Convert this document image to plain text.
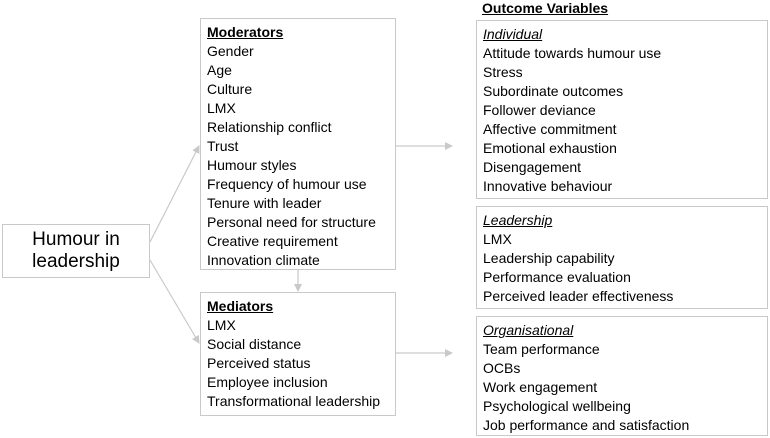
Humour in leadership
Moderators
Gender
Age
Culture
LMX
Relationship conflict
Trust
Humour styles
Frequency of humour use
Tenure with leader
Personal need for structure
Creative requirement
Innovation climate
Mediators
LMX
Social distance
Perceived status
Employee inclusion
Transformational leadership
Outcome Variables
Individual
Attitude towards humour use
Stress
Subordinate outcomes
Follower deviance
Affective commitment
Emotional exhaustion
Disengagement
Innovative behaviour
Leadership
LMX
Leadership capability
Performance evaluation
Perceived leader effectiveness
Organisational
Team performance
OCBs
Work engagement
Psychological wellbeing
Job performance and satisfaction
